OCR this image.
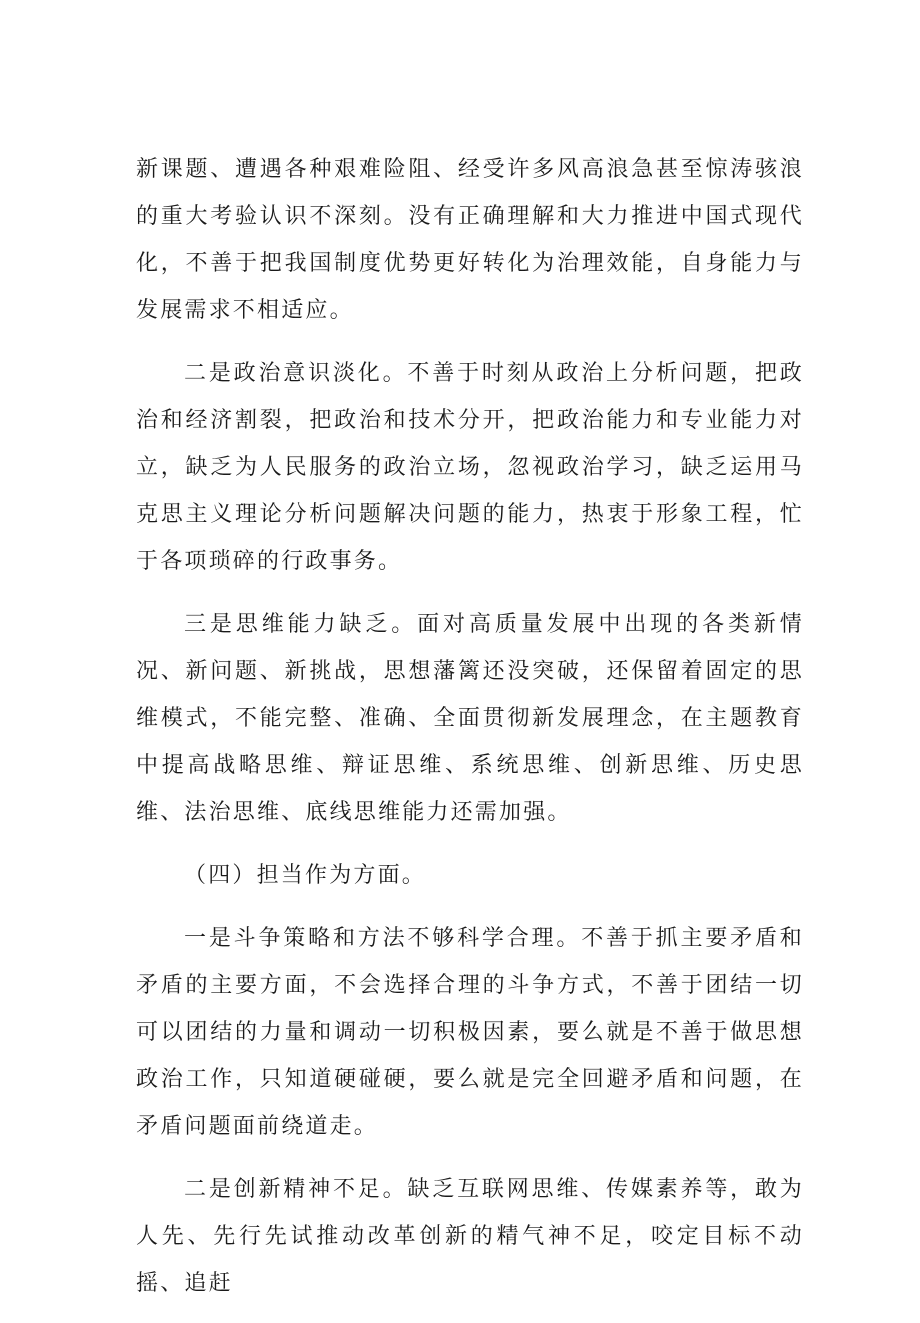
新课题、遭遇各种艰难险阻、经受许多风高浪急甚至惊涛骇浪的重大考验认识不深刻。没有正确理解和大力推进中国式现代化，不善于把我国制度优势更好转化为治理效能，自身能力与发展需求不相适应。

二是政治意识淡化。不善于时刻从政治上分析问题，把政治和经济割裂，把政治和技术分开，把政治能力和专业能力对立，缺乏为人民服务的政治立场，忽视政治学习，缺乏运用马克思主义理论分析问题解决问题的能力，热衷于形象工程，忙于各项琐碎的行政事务。

三是思维能力缺乏。面对高质量发展中出现的各类新情况、新问题、新挑战，思想藩篱还没突破，还保留着固定的思维模式，不能完整、准确、全面贯彻新发展理念，在主题教育中提高战略思维、辩证思维、系统思维、创新思维、历史思维、法治思维、底线思维能力还需加强。

（四）担当作为方面。

一是斗争策略和方法不够科学合理。不善于抓主要矛盾和矛盾的主要方面，不会选择合理的斗争方式，不善于团结一切可以团结的力量和调动一切积极因素，要么就是不善于做思想政治工作，只知道硬碰硬，要么就是完全回避矛盾和问题，在矛盾问题面前绕道走。

二是创新精神不足。缺乏互联网思维、传媒素养等，敢为人先、先行先试推动改革创新的精气神不足，咬定目标不动摇、追赶
